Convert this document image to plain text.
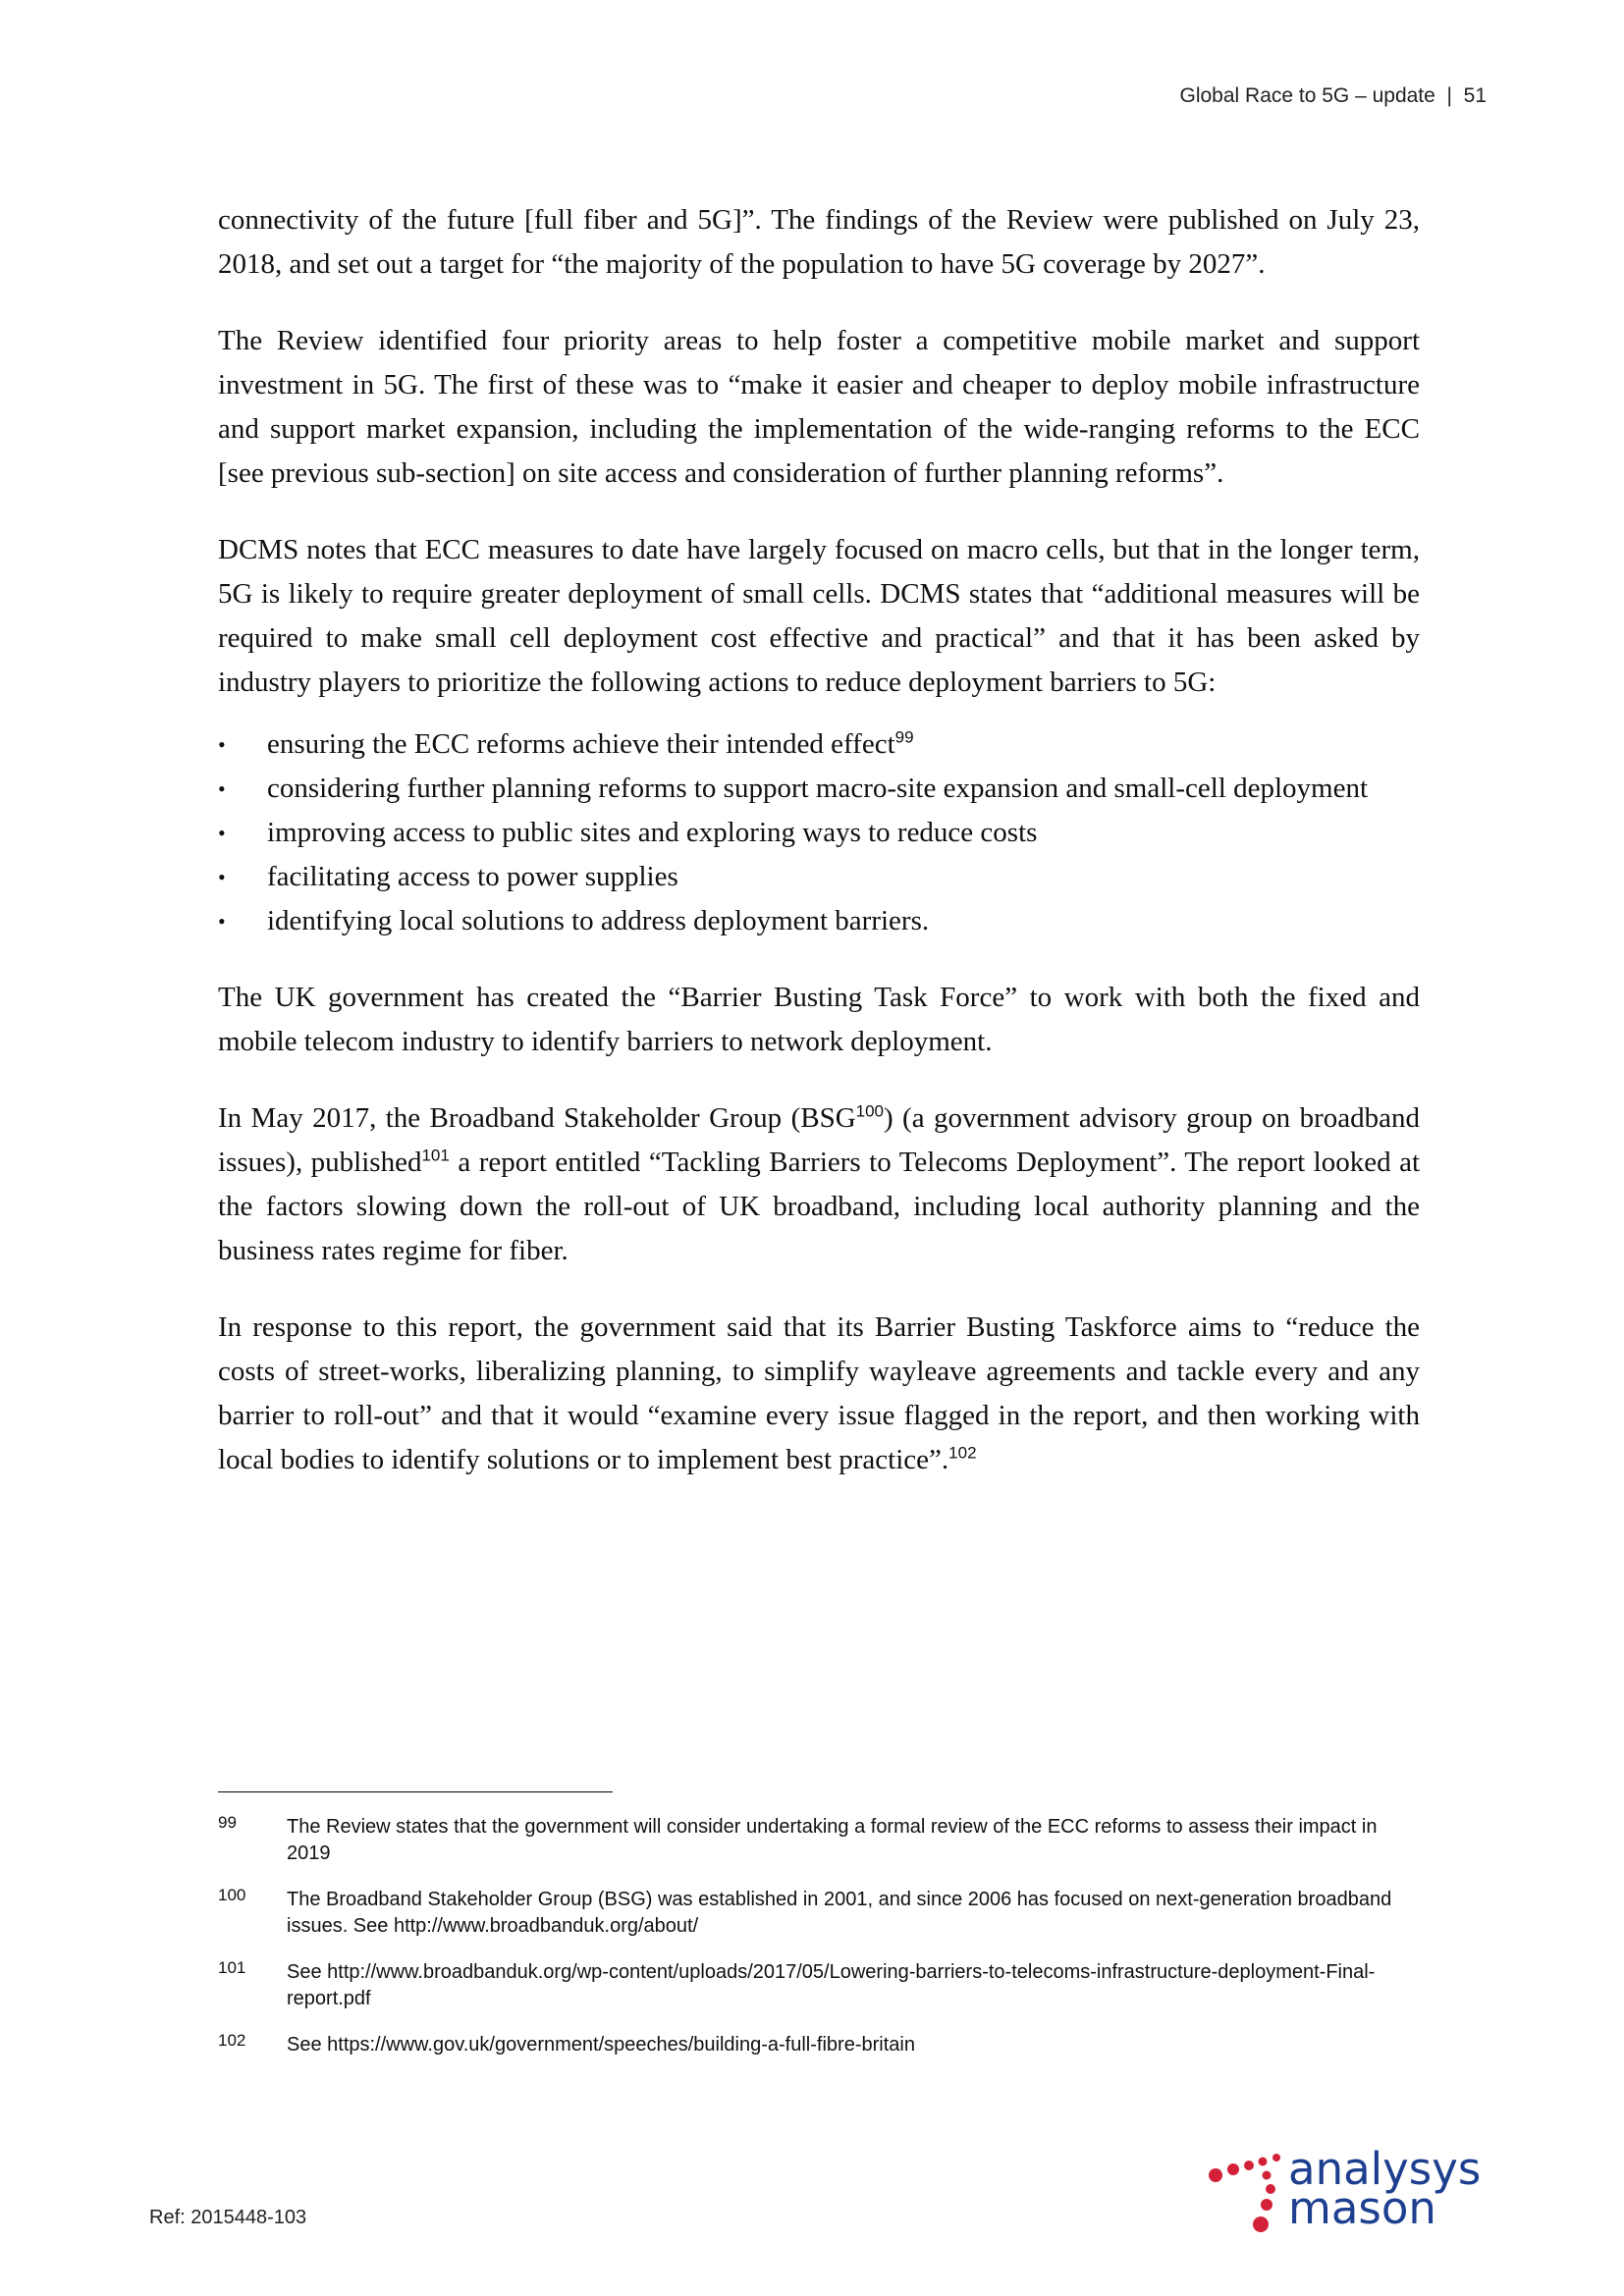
Global Race to 5G – update | 51

connectivity of the future [full fiber and 5G]”. The findings of the Review were published on July 23, 2018, and set out a target for “the majority of the population to have 5G coverage by 2027”.

The Review identified four priority areas to help foster a competitive mobile market and support investment in 5G. The first of these was to “make it easier and cheaper to deploy mobile infrastructure and support market expansion, including the implementation of the wide-ranging reforms to the ECC [see previous sub-section] on site access and consideration of further planning reforms”.

DCMS notes that ECC measures to date have largely focused on macro cells, but that in the longer term, 5G is likely to require greater deployment of small cells. DCMS states that “additional measures will be required to make small cell deployment cost effective and practical” and that it has been asked by industry players to prioritize the following actions to reduce deployment barriers to 5G:

•	ensuring the ECC reforms achieve their intended effect$^{99}$
•	considering further planning reforms to support macro-site expansion and small-cell deployment
•	improving access to public sites and exploring ways to reduce costs
•	facilitating access to power supplies
•	identifying local solutions to address deployment barriers.

The UK government has created the “Barrier Busting Task Force” to work with both the fixed and mobile telecom industry to identify barriers to network deployment.

In May 2017, the Broadband Stakeholder Group (BSG$^{100}$) (a government advisory group on broadband issues), published$^{101}$ a report entitled “Tackling Barriers to Telecoms Deployment”. The report looked at the factors slowing down the roll-out of UK broadband, including local authority planning and the business rates regime for fiber.

In response to this report, the government said that its Barrier Busting Taskforce aims to “reduce the costs of street-works, liberalizing planning, to simplify wayleave agreements and tackle every and any barrier to roll-out” and that it would “examine every issue flagged in the report, and then working with local bodies to identify solutions or to implement best practice”.$^{102}$

99	The Review states that the government will consider undertaking a formal review of the ECC reforms to assess their impact in 2019
100 The Broadband Stakeholder Group (BSG) was established in 2001, and since 2006 has focused on next-generation broadband issues. See http://www.broadbanduk.org/about/
101 See http://www.broadbanduk.org/wp-content/uploads/2017/05/Lowering-barriers-to-telecoms-infrastructure-deployment-Final-report.pdf
102 See https://www.gov.uk/government/speeches/building-a-full-fibre-britain
Ref: 2015448-103
analysys
mason
